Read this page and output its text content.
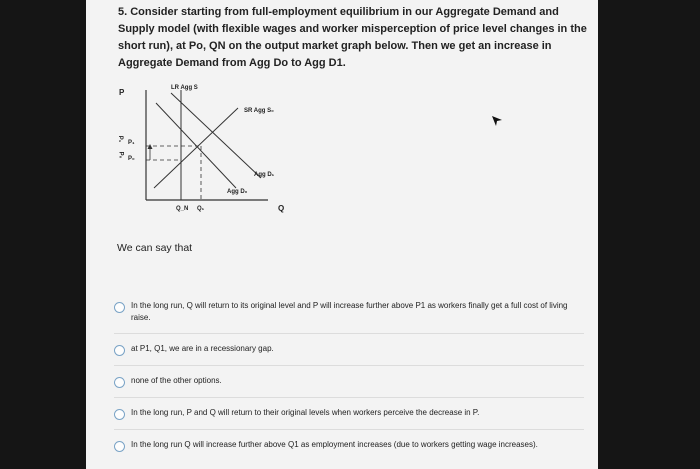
5. Consider starting from full-employment equilibrium in our Aggregate Demand and Supply model (with flexible wages and worker misperception of price level changes in the short run), at Po, QN on the output market graph below. Then we get an increase in Aggregate Demand from Agg Do to Agg D1.
P	LR Agg S
SR Agg S₀
P₁
P₀
P₁
P₀
Agg D₁
Agg D₀
Q
Q_N Q₁
We can say that
In the long run, Q will return to its original level and P will increase further above P1 as workers finally get a full cost of living raise.
at P1, Q1, we are in a recessionary gap.
none of the other options.
In the long run, P and Q will return to their original levels when workers perceive the decrease in P.
In the long run Q will increase further above Q1 as employment increases (due to workers getting wage increases).
